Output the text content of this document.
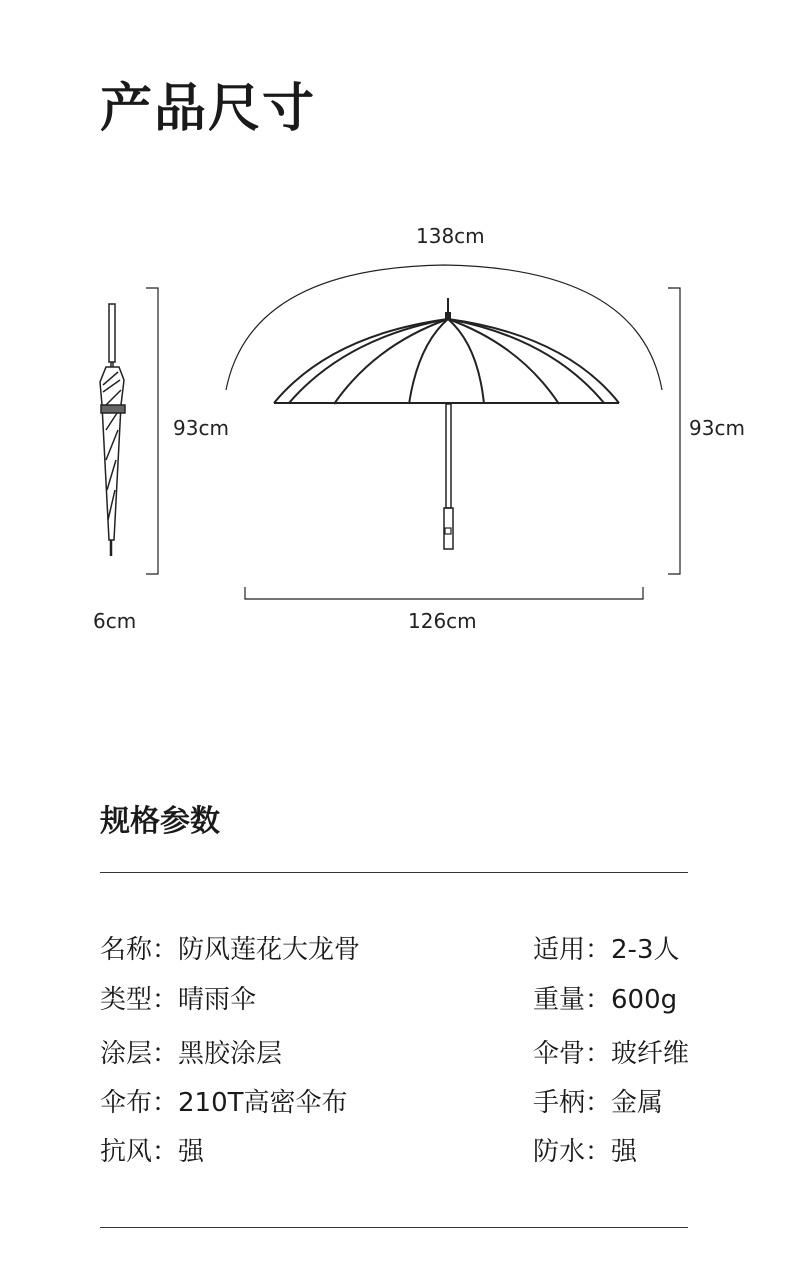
产品尺寸
138cm
93cm	93cm
6cm	126cm
规格参数
名称：防风莲花大龙骨
类型：晴雨伞
涂层：黑胶涂层
伞布：210T高密伞布
抗风：强
适用：2-3人
重量：600g
伞骨：玻纤维
手柄：金属
防水：强
